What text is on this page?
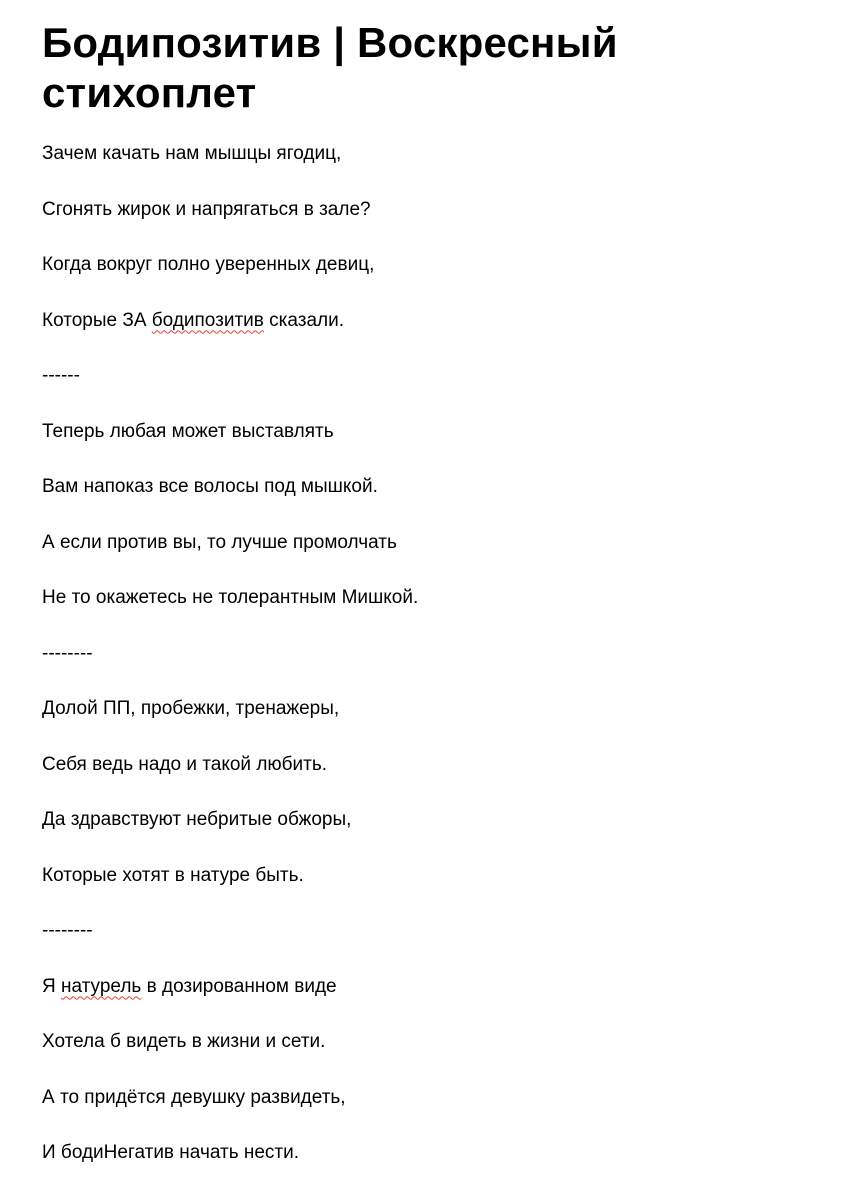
Бодипозитив | Воскресный стихоплет
Зачем качать нам мышцы ягодиц,
Сгонять жирок и напрягаться в зале?
Когда вокруг полно уверенных девиц,
Которые ЗА бодипозитив сказали.
------
Теперь любая может выставлять
Вам напоказ все волосы под мышкой.
А если против вы, то лучше промолчать
Не то окажетесь не толерантным Мишкой.
--------
Долой ПП, пробежки, тренажеры,
Себя ведь надо и такой любить.
Да здравствуют небритые обжоры,
Которые хотят в натуре быть.
--------
Я натурель в дозированном виде
Хотела б видеть в жизни и сети.
А то придётся девушку развидеть,
И бодиНегатив начать нести.
